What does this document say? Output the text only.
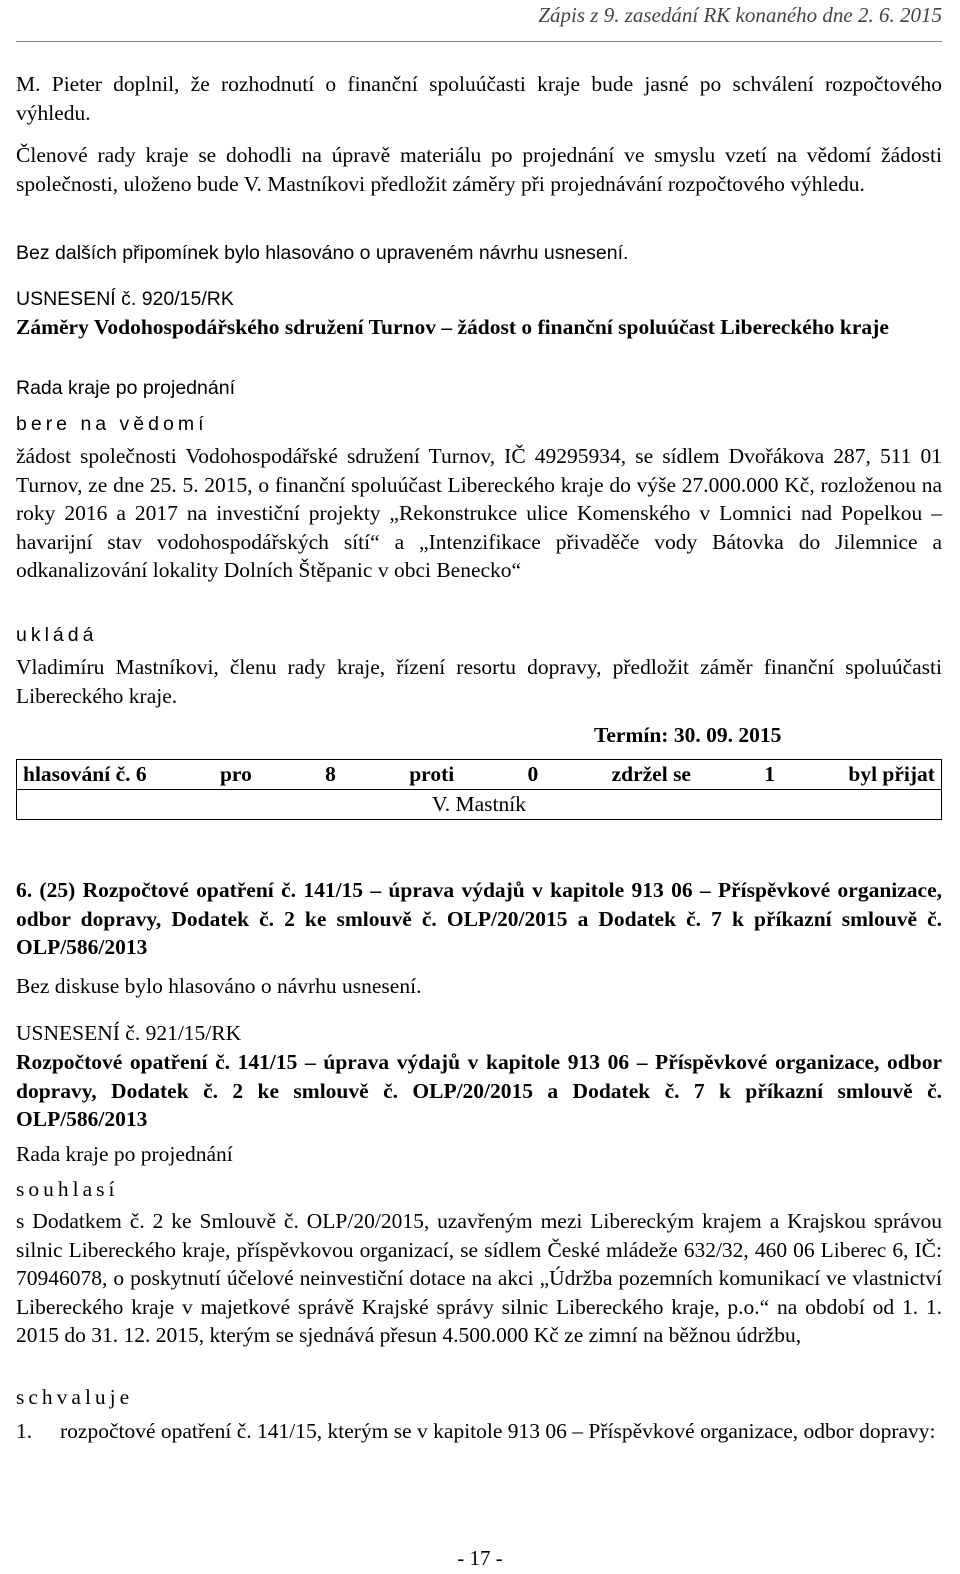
Zápis z 9. zasedání RK konaného dne 2. 6. 2015

M. Pieter doplnil, že rozhodnutí o finanční spoluúčasti kraje bude jasné po schválení rozpočtového výhledu.

Členové rady kraje se dohodli na úpravě materiálu po projednání ve smyslu vzetí na vědomí žádosti společnosti, uloženo bude V. Mastníkovi předložit záměry při projednávání rozpočtového výhledu.

Bez dalších připomínek bylo hlasováno o upraveném návrhu usnesení.

USNESENÍ č. 920/15/RK

Záměry Vodohospodářského sdružení Turnov – žádost o finanční spoluúčast Libereckého kraje

Rada kraje po projednání

bere na vědomí

žádost společnosti Vodohospodářské sdružení Turnov, IČ 49295934, se sídlem Dvořákova 287, 511 01 Turnov, ze dne 25. 5. 2015, o finanční spoluúčast Libereckého kraje do výše 27.000.000 Kč, rozloženou na roky 2016 a 2017 na investiční projekty „Rekonstrukce ulice Komenského v Lomnici nad Popelkou – havarijní stav vodohospodářských sítí“ a „Intenzifikace přivaděče vody Bátovka do Jilemnice a odkanalizování lokality Dolních Štěpanic v obci Benecko“

ukládá

Vladimíru Mastníkovi, členu rady kraje, řízení resortu dopravy, předložit záměr finanční spoluúčasti Libereckého kraje.

Termín: 30. 09. 2015

hlasování č. 6	pro	8	proti	0	zdržel se	1	byl přijat

V. Mastník

6. (25) Rozpočtové opatření č. 141/15 – úprava výdajů v kapitole 913 06 – Příspěvkové organizace, odbor dopravy, Dodatek č. 2 ke smlouvě č. OLP/20/2015 a Dodatek č. 7 k příkazní smlouvě č. OLP/586/2013

Bez diskuse bylo hlasováno o návrhu usnesení.

USNESENÍ č. 921/15/RK

Rozpočtové opatření č. 141/15 – úprava výdajů v kapitole 913 06 – Příspěvkové organizace, odbor dopravy, Dodatek č. 2 ke smlouvě č. OLP/20/2015 a Dodatek č. 7 k příkazní smlouvě č. OLP/586/2013

Rada kraje po projednání

souhlasí

s Dodatkem č. 2 ke Smlouvě č. OLP/20/2015, uzavřeným mezi Libereckým krajem a Krajskou správou silnic Libereckého kraje, příspěvkovou organizací, se sídlem České mládeže 632/32, 460 06 Liberec 6, IČ: 70946078, o poskytnutí účelové neinvestiční dotace na akci „Údržba pozemních komunikací ve vlastnictví Libereckého kraje v majetkové správě Krajské správy silnic Libereckého kraje, p.o.“ na období od 1. 1. 2015 do 31. 12. 2015, kterým se sjednává přesun 4.500.000 Kč ze zimní na běžnou údržbu,

schvaluje

1. rozpočtové opatření č. 141/15, kterým se v kapitole 913 06 – Příspěvkové organizace, odbor dopravy:
- 17 -
